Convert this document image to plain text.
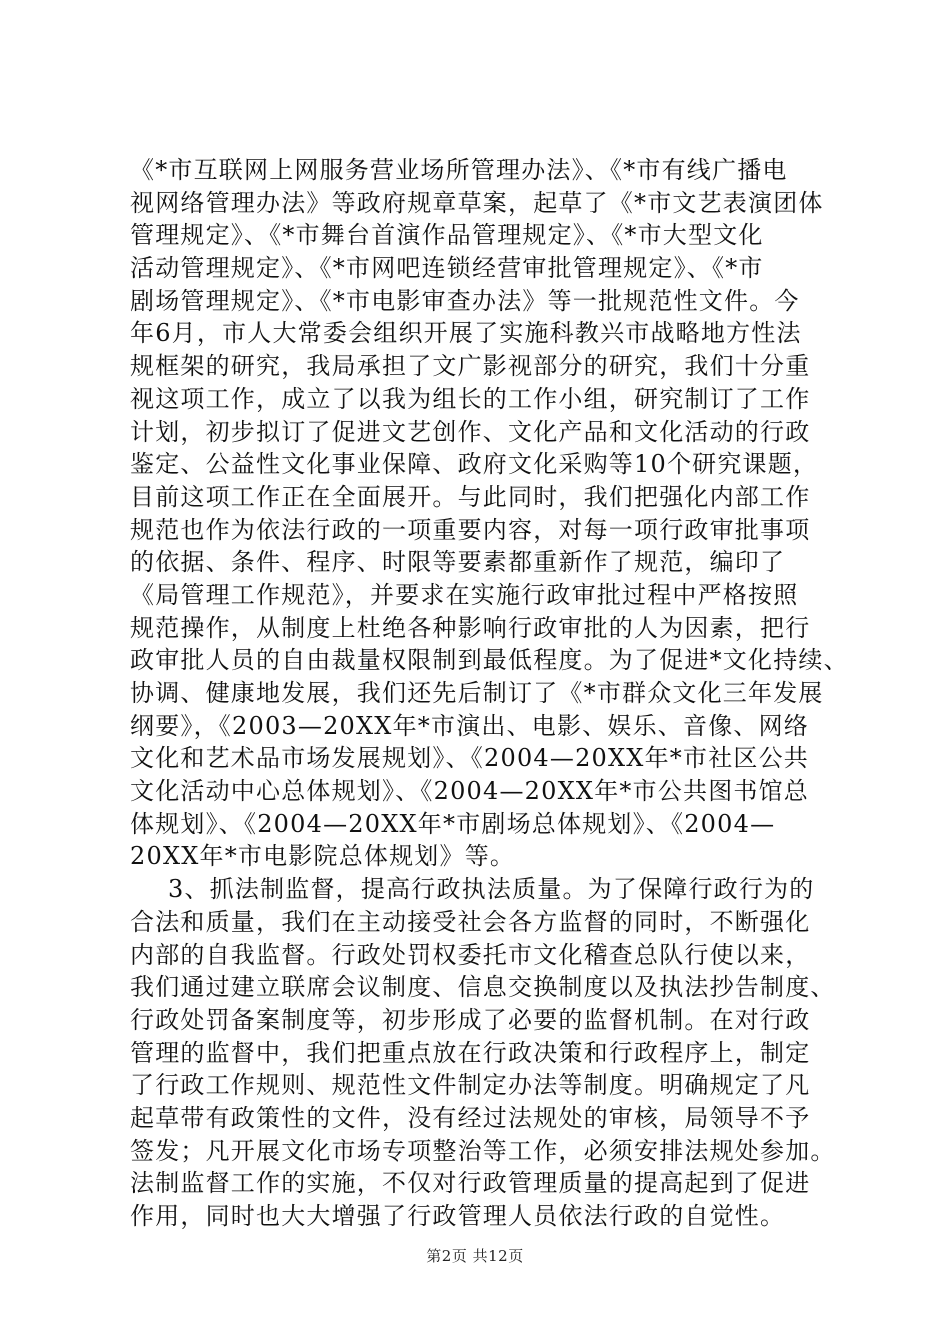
《*市互联网上网服务营业场所管理办法》、《*市有线广播电
视网络管理办法》等政府规章草案，起草了《*市文艺表演团体
管理规定》、《*市舞台首演作品管理规定》、《*市大型文化
活动管理规定》、《*市网吧连锁经营审批管理规定》、《*市
剧场管理规定》、《*市电影审查办法》等一批规范性文件。今
年6月，市人大常委会组织开展了实施科教兴市战略地方性法
规框架的研究，我局承担了文广影视部分的研究，我们十分重
视这项工作，成立了以我为组长的工作小组，研究制订了工作
计划，初步拟订了促进文艺创作、文化产品和文化活动的行政
鉴定、公益性文化事业保障、政府文化采购等10个研究课题，
目前这项工作正在全面展开。与此同时，我们把强化内部工作
规范也作为依法行政的一项重要内容，对每一项行政审批事项
的依据、条件、程序、时限等要素都重新作了规范，编印了
《局管理工作规范》，并要求在实施行政审批过程中严格按照
规范操作，从制度上杜绝各种影响行政审批的人为因素，把行
政审批人员的自由裁量权限制到最低程度。为了促进*文化持续、
协调、健康地发展，我们还先后制订了《*市群众文化三年发展
纲要》，《2003—20XX年*市演出、电影、娱乐、音像、网络
文化和艺术品市场发展规划》、《2004—20XX年*市社区公共
文化活动中心总体规划》、《2004—20XX年*市公共图书馆总
体规划》、《2004—20XX年*市剧场总体规划》、《2004—
20XX年*市电影院总体规划》等。
3、抓法制监督，提高行政执法质量。为了保障行政行为的
合法和质量，我们在主动接受社会各方监督的同时，不断强化
内部的自我监督。行政处罚权委托市文化稽查总队行使以来，
我们通过建立联席会议制度、信息交换制度以及执法抄告制度、
行政处罚备案制度等，初步形成了必要的监督机制。在对行政
管理的监督中，我们把重点放在行政决策和行政程序上，制定
了行政工作规则、规范性文件制定办法等制度。明确规定了凡
起草带有政策性的文件，没有经过法规处的审核，局领导不予
签发；凡开展文化市场专项整治等工作，必须安排法规处参加。
法制监督工作的实施，不仅对行政管理质量的提高起到了促进
作用，同时也大大增强了行政管理人员依法行政的自觉性。
第2页 共12页
